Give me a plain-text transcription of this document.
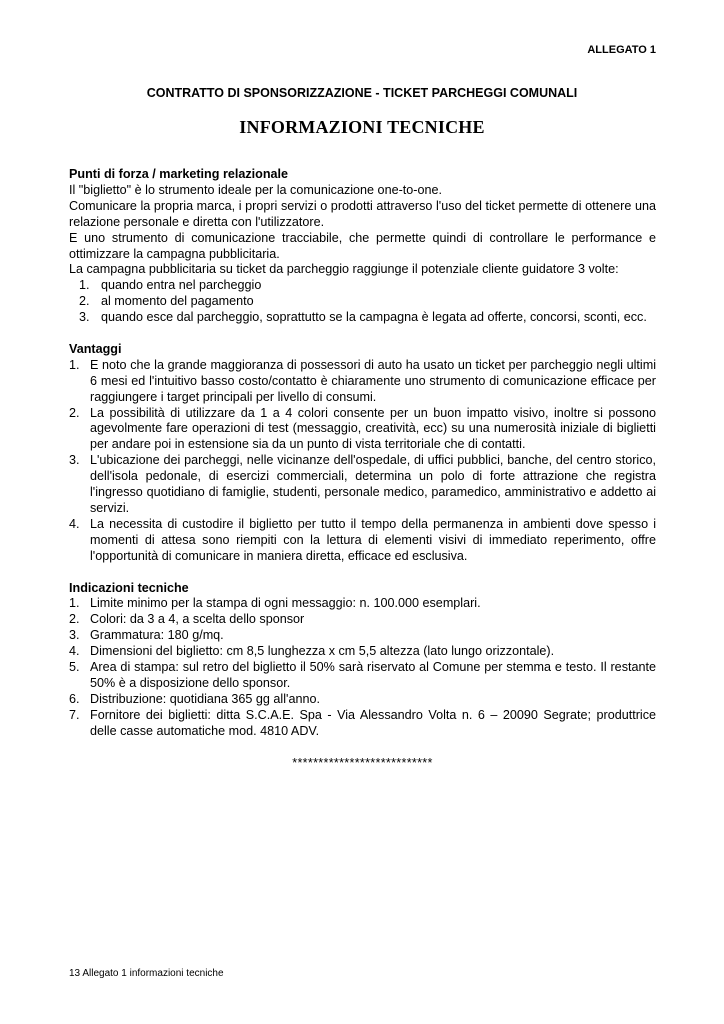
ALLEGATO 1
CONTRATTO DI SPONSORIZZAZIONE - TICKET PARCHEGGI COMUNALI
INFORMAZIONI TECNICHE
Punti di forza / marketing relazionale
Il "biglietto" è lo strumento ideale per la comunicazione one-to-one.
Comunicare la propria marca, i propri servizi o prodotti attraverso l'uso del ticket permette di ottenere una relazione personale e diretta con l'utilizzatore.
E uno strumento di comunicazione tracciabile, che permette quindi di controllare le performance e ottimizzare la campagna pubblicitaria.
La campagna pubblicitaria su ticket da parcheggio raggiunge il potenziale cliente guidatore 3 volte:
1. quando entra nel parcheggio
2. al momento del pagamento
3. quando esce dal parcheggio, soprattutto se la campagna è legata ad offerte, concorsi, sconti, ecc.
Vantaggi
1. E noto che la grande maggioranza di possessori di auto ha usato un ticket per parcheggio negli ultimi 6 mesi ed l'intuitivo basso costo/contatto è chiaramente uno strumento di comunicazione efficace per raggiungere i target principali per livello di consumi.
2. La possibilità di utilizzare da 1 a 4 colori consente per un buon impatto visivo, inoltre si possono agevolmente fare operazioni di test (messaggio, creatività, ecc) su una numerosità iniziale di biglietti per andare poi in estensione sia da un punto di vista territoriale che di contatti.
3. L'ubicazione dei parcheggi, nelle vicinanze dell'ospedale, di uffici pubblici, banche, del centro storico, dell'isola pedonale, di esercizi commerciali, determina un polo di forte attrazione che registra l'ingresso quotidiano di famiglie, studenti, personale medico, paramedico, amministrativo e addetto ai servizi.
4. La necessita di custodire il biglietto per tutto il tempo della permanenza in ambienti dove spesso i momenti di attesa sono riempiti con la lettura di elementi visivi di immediato reperimento, offre l'opportunità di comunicare in maniera diretta, efficace ed esclusiva.
Indicazioni tecniche
1. Limite minimo per la stampa di ogni messaggio: n. 100.000 esemplari.
2. Colori: da 3 a 4, a scelta dello sponsor
3. Grammatura: 180 g/mq.
4. Dimensioni del biglietto: cm 8,5 lunghezza x cm 5,5 altezza (lato lungo orizzontale).
5. Area di stampa: sul retro del biglietto il 50% sarà riservato al Comune per stemma e testo. Il restante 50% è a disposizione dello sponsor.
6. Distribuzione: quotidiana 365 gg all'anno.
7. Fornitore dei biglietti: ditta S.C.A.E. Spa - Via Alessandro Volta n. 6 – 20090 Segrate; produttrice delle casse automatiche mod. 4810 ADV.
***************************
13 Allegato 1 informazioni tecniche
